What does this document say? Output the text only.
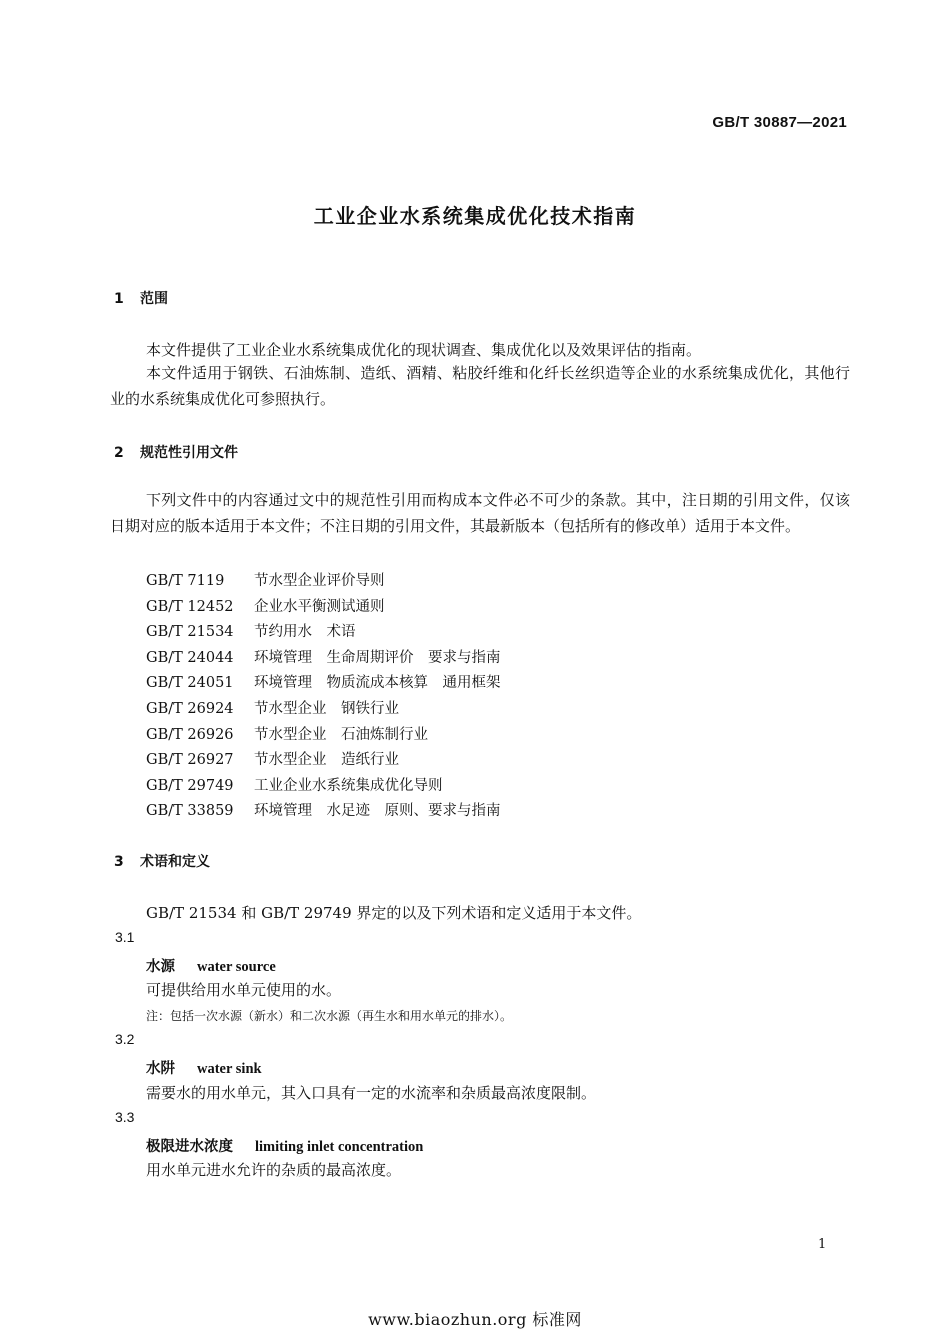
GB/T 30887—2021
工业企业水系统集成优化技术指南
1 范围
本文件提供了工业企业水系统集成优化的现状调查、集成优化以及效果评估的指南。

本文件适用于钢铁、石油炼制、造纸、酒精、粘胶纤维和化纤长丝织造等企业的水系统集成优化，其他行业的水系统集成优化可参照执行。

2 规范性引用文件

下列文件中的内容通过文中的规范性引用而构成本文件必不可少的条款。其中，注日期的引用文件，仅该日期对应的版本适用于本文件；不注日期的引用文件，其最新版本（包括所有的修改单）适用于本文件。

GB/T 7119 节水型企业评价导则
GB/T 12452 企业水平衡测试通则
GB/T 21534 节约用水　术语
GB/T 24044 环境管理　生命周期评价　要求与指南
GB/T 24051 环境管理　物质流成本核算　通用框架
GB/T 26924 节水型企业　钢铁行业
GB/T 26926 节水型企业　石油炼制行业
GB/T 26927 节水型企业　造纸行业
GB/T 29749 工业企业水系统集成优化导则
GB/T 33859 环境管理　水足迹　原则、要求与指南
3 术语和定义
GB/T 21534 和 GB/T 29749 界定的以及下列术语和定义适用于本文件。
3.1
水源 water source
可提供给用水单元使用的水。
注：包括一次水源（新水）和二次水源（再生水和用水单元的排水）。
3.2
水阱 water sink
需要水的用水单元，其入口具有一定的水流率和杂质最高浓度限制。
3.3
极限进水浓度 limiting inlet concentration
用水单元进水允许的杂质的最高浓度。
1
www.biaozhun.org 标准网
